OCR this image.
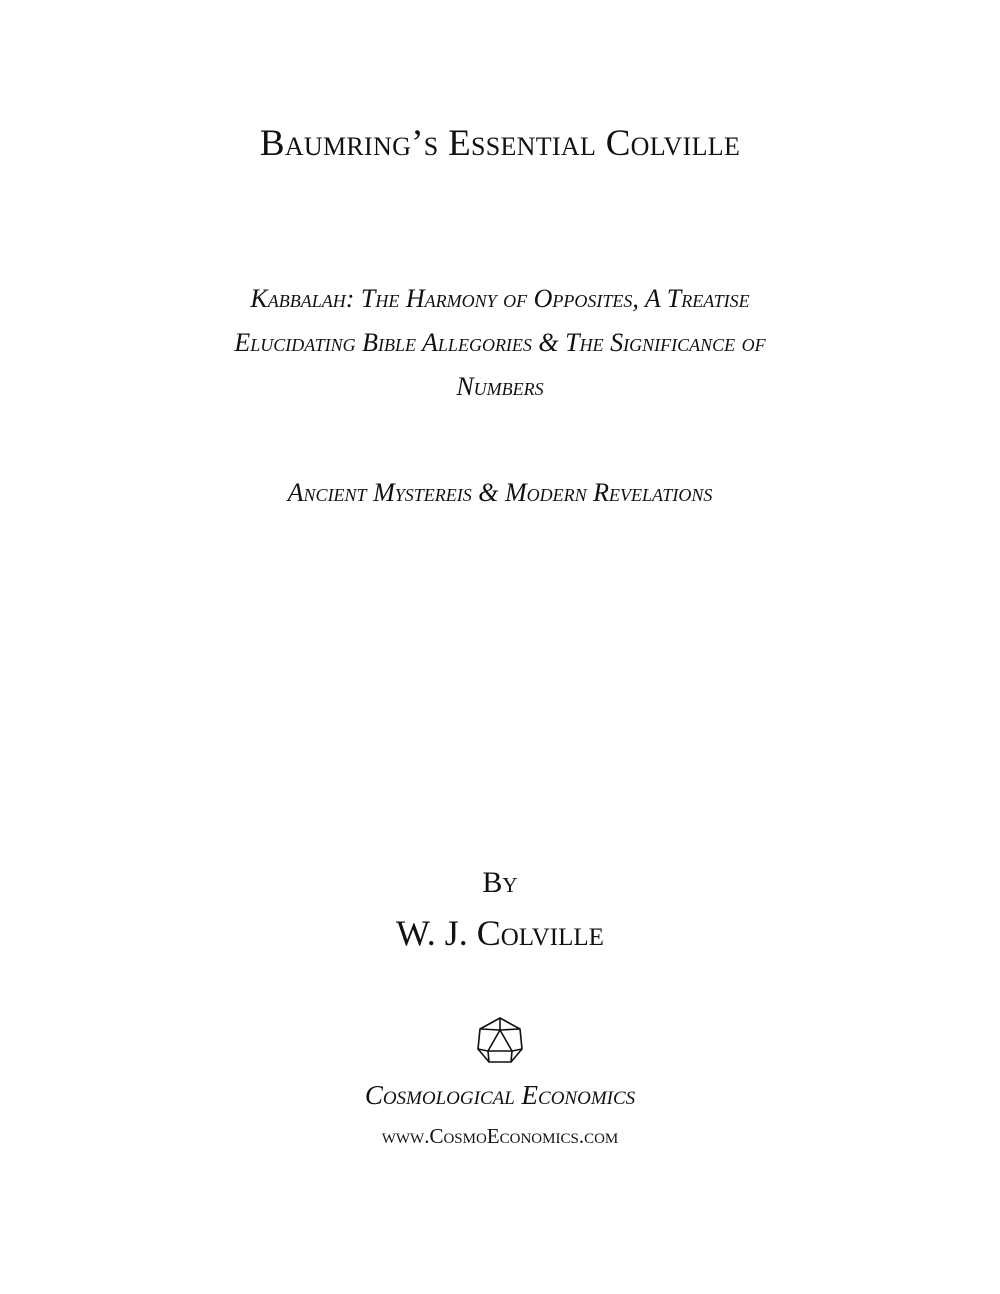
Baumring’s Essential Colville
Kabbalah: The Harmony of Opposites, A Treatise
Elucidating Bible Allegories & The Significance of
Numbers
Ancient Mystereis & Modern Revelations
By
W. J. Colville
Cosmological Economics
www.CosmoEconomics.com
